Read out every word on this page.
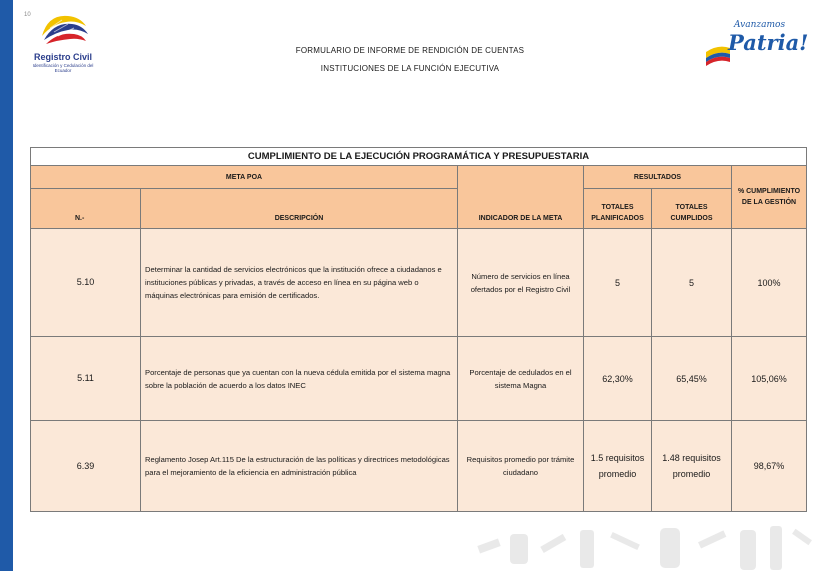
10
Registro Civil
Identificación y Cedulación del Ecuador
FORMULARIO DE INFORME DE RENDICIÓN DE CUENTAS
INSTITUCIONES DE LA FUNCIÓN EJECUTIVA
Avanzamos
Patria!
CUMPLIMIENTO DE LA EJECUCIÓN PROGRAMÁTICA Y PRESUPUESTARIA					
META POA		INDICADOR DE LA META	RESULTADOS		% CUMPLIMIENTO DE LA GESTIÓN
N.-	DESCRIPCIÓN		TOTALES PLANIFICADOS	TOTALES CUMPLIDOS	
5.10	Determinar la cantidad de servicios electrónicos que la institución ofrece a ciudadanos e instituciones públicas y privadas, a través de acceso en línea en su página web o máquinas electrónicas para emisión de certificados.	Número de servicios en línea ofertados por el Registro Civil	5	5	100%
5.11	Porcentaje de personas que ya cuentan con la nueva cédula emitida por el sistema magna sobre la población de acuerdo a los datos INEC	Porcentaje de cedulados en el sistema Magna	62,30%	65,45%	105,06%
6.39	Reglamento Josep Art.115 De la estructuración de las políticas y directrices metodológicas para el mejoramiento de la eficiencia en administración pública	Requisitos promedio por trámite ciudadano	1.5 requisitos promedio	1.48 requisitos promedio	98,67%
